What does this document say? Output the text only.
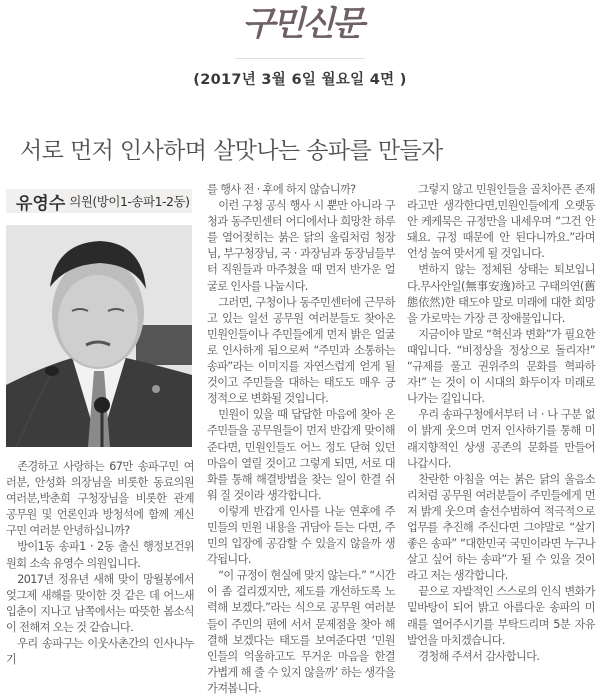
구민신문
(2017년 3월 6일 월요일 4면 )
서로 먼저 인사하며 살맛나는 송파를 만들자
유영수 의원(방이1-송파1-2동)

존경하고 사랑하는 67만 송파구민 여러분, 안성화 의장님을 비롯한 동료의원 여러분,박춘희 구청장님을 비롯한 관계 공무원 및 언론인과 방청석에 함께 계신 구민 여러분 안녕하십니까?

방이1동 송파1 · 2동 출신 행정보건위원회 소속 유영수 의원입니다.

2017년 정유년 새해 맞이 망월봉에서 엊그제 새해를 맞이한 것 같은 데 어느새 입춘이 지나고 남쪽에서는 따뜻한 봄소식이 전해져 오는 것 같습니다.

우리 송파구는 이웃사촌간의 인사나누기

를 행사 전 · 후에 하지 않습니까?

이런 구청 공식 행사 시 뿐만 아니라 구청과 동주민센터 어디에서나 희망찬 하루를 열어젖히는 붉은 닭의 울림처럼 청장님, 부구청장님, 국 · 과장님과 동장님들부터 직원들과 마주쳤을 때 먼저 반가운 얼굴로 인사를 나눕시다.

그러면, 구청이나 동주민센터에 근무하고 있는 일선 공무원 여러분들도 찾아온 민원인들이나 주민들에게 먼저 밝은 얼굴로 인사하게 됨으로써 “주민과 소통하는 송파”라는 이미지를 자연스럽게 얻게 될 것이고 주민들을 대하는 태도도 매우 긍정적으로 변화될 것입니다.

민원이 있을 때 답답한 마음에 찾아 온 주민들을 공무원들이 먼저 반갑게 맞이해 준다면, 민원인들도 어느 정도 닫혀 있던 마음이 열릴 것이고 그렇게 되면, 서로 대화를 통해 해결방법을 찾는 일이 한결 쉬워 질 것이라 생각합니다.

이렇게 반갑게 인사를 나눈 연후에 주민들의 민원 내용을 귀담아 듣는 다면, 주민의 입장에 공감할 수 있을지 않을까 생각됩니다.

“이 규정이 현실에 맞지 않는다.” “시간이 좀 걸리겠지만, 제도를 개선하도록 노력해 보겠다.”라는 식으로 공무원 여러분들이 주민의 편에 서서 문제점을 찾아 해결해 보겠다는 태도를 보여준다면 ‘민원인들의 억울하고도 무거운 마음을 한결 가볍게 해 줄 수 있지 않을까’ 하는 생각을 가져봅니다.

그렇지 않고 민원인들을 골치아픈 존재라고만 생각한다면,민원인들에게 오랫동안 케케묵은 규정만을 내세우며 “그건 안 돼요. 규정 때문에 안 된다니까요.”라며 언성 높여 맞서게 될 것입니다.

변하지 않는 정체된 상태는 퇴보입니다.무사안일(無事安逸)하고 구태의연(舊態依然)한 태도야 말로 미래에 대한 희망을 가로막는 가장 큰 장애물입니다.

지금이야 말로 “혁신과 변화”가 필요한 때입니다. “비정상을 정상으로 돌리자!” “규제를 풀고 권위주의 문화를 혁파하자!” 는 것이 이 시대의 화두이자 미래로 나가는 길입니다.

우리 송파구청에서부터 너 · 나 구분 없이 밝게 웃으며 먼저 인사하기를 통해 미래지향적인 상생 공존의 문화를 만들어 나갑시다.

찬란한 아침을 여는 붉은 닭의 울음소리처럼 공무원 여러분들이 주민들에게 먼저 밝게 웃으며 솔선수범하여 적극적으로 업무를 추진해 주신다면 그야말로 “살기 좋은 송파” “대한민국 국민이라면 누구나 살고 싶어 하는 송파”가 될 수 있을 것이라고 저는 생각합니다.

끝으로 자발적인 스스로의 인식 변화가 밑바탕이 되어 밝고 아름다운 송파의 미래를 열어주시기를 부탁드리며 5분 자유발언을 마치겠습니다.

경청해 주셔서 감사합니다.
